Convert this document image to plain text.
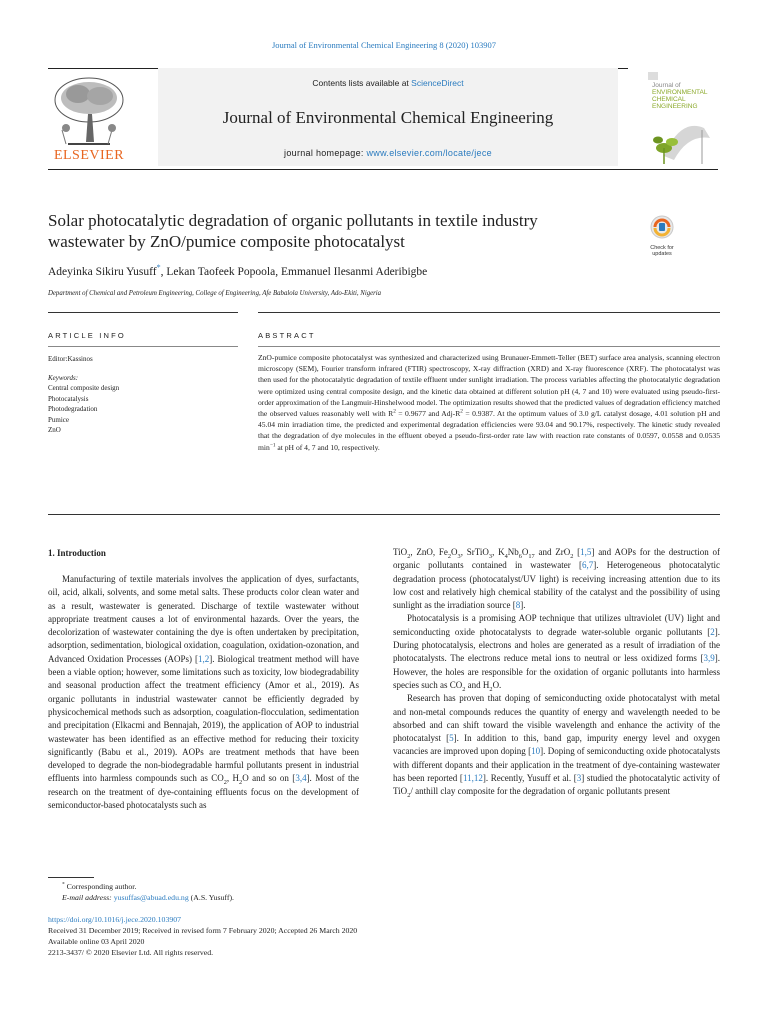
Journal of Environmental Chemical Engineering 8 (2020) 103907
ELSEVIER
Contents lists available at ScienceDirect
Journal of Environmental Chemical Engineering
journal homepage: www.elsevier.com/locate/jece
Journal of
ENVIRONMENTAL
CHEMICAL
ENGINEERING
Solar photocatalytic degradation of organic pollutants in textile industry
wastewater by ZnO/pumice composite photocatalyst	Check for
updates
Adeyinka Sikiru Yusuff*, Lekan Taofeek Popoola, Emmanuel Ilesanmi Aderibigbe
Department of Chemical and Petroleum Engineering, College of Engineering, Afe Babalola University, Ado-Ekiti, Nigeria
ARTICLE INFO	ABSTRACT
Editor:Kassinos
Keywords:
Central composite design
Photocatalysis
Photodegradation
Pumice
ZnO
ZnO-pumice composite photocatalyst was synthesized and characterized using Brunauer-Emmett-Teller (BET) surface area analysis, scanning electron microscopy (SEM), Fourier transform infrared (FTIR) spectroscopy, X-ray diffraction (XRD) and X-ray fluorescence (XRF). The photocatalyst was then used for the photocatalytic degradation of textile effluent under sunlight irradiation. The process variables affecting the photocatalytic degradation were optimized using central composite design, and the kinetic data obtained at different solution pH (4, 7 and 10) were evaluated using pseudo-first-order approximation of the Langmuir-Hinshelwood model. The optimization results showed that the predicted values of degradation efficiency matched the observed values reasonably well with $R^2 = 0.9677$ and Adj-$R^2 = 0.9387$. At the optimum values of 3.0 g/L catalyst dosage, 4.01 solution pH and 45.04 min irradiation time, the predicted and experimental degradation efficiencies were 93.04 and 90.17%, respectively. The kinetic study revealed that the degradation of dye molecules in the effluent obeyed a pseudo-first-order rate law with reaction rate constants of 0.0597, 0.0558 and 0.0535 $\min^{-1}$ at pH of 4, 7 and 10, respectively.
1. Introduction

Manufacturing of textile materials involves the application of dyes, surfactants, oil, acid, alkali, solvents, and some metal salts. These products color clean water and as a result, wastewater is generated. Discharge of textile wastewater without appropriate treatment causes a lot of environmental hazards. Over the years, the decolorization of wastewater containing the dye is often undertaken by precipitation, adsorption, sedimentation, biological oxidation, coagulation, oxidation-ozonation, and Advanced Oxidation Processes (AOPs) [1,2]. Biological treatment method will have been a viable option; however, some limitations such as toxicity, low biodegradability and seasonal production affect the treatment efficiency (Amor et al., 2019). As organic pollutants in industrial wastewater cannot be efficiently degraded by physicochemical methods such as adsorption, coagulation-flocculation, sedimentation and precipitation (Elkacmi and Bennajah, 2019), the application of AOP to industrial wastewater has been identified as an effective method for reducing their toxicity significantly (Babu et al., 2019). AOPs are treatment methods that have been developed to degrade the non-biodegradable harmful pollutants present in industrial effluents into harmless compounds such as $CO_2$, $H_2O$ and so on [3,4]. Most of the research on the treatment of dye-containing effluents focus on the development of semiconductor-based photocatalysts such as

TiO$_2$, ZnO, $Fe_2O_3$, SrTiO$_3$, $K_4Nb_6O_{17}$ and ZrO$_2$ [1,5] and AOPs for the destruction of organic pollutants contained in wastewater [6,7]. Heterogeneous photocatalytic degradation process (photocatalyst/UV light) is receiving increasing attention due to its low cost and relatively high chemical stability of the catalyst and the possibility of using sunlight as the irradiation source [8].

Photocatalysis is a promising AOP technique that utilizes ultraviolet (UV) light and semiconducting oxide photocatalysts to degrade water-soluble organic pollutants [2]. During photocatalysis, electrons and holes are generated as a result of irradiation of the photocatalysts. The electrons reduce metal ions to neutral or less oxidized forms [3,9]. However, the holes are responsible for the oxidation of organic pollutants into harmless species such as $CO_2$ and $H_2O$.

Research has proven that doping of semiconducting oxide photocatalyst with metal and non-metal compounds reduces the quantity of energy and wavelength needed to be absorbed and can shift toward the visible wavelength and enhance the activity of the photocatalyst [5]. In addition to this, band gap, impurity energy level and oxygen vacancies are improved upon doping [10]. Doping of semiconducting oxide photocatalysts with different dopants and their application in the treatment of dye-containing wastewater has been reported [11,12]. Recently, Yusuff et al. [3] studied the photocatalytic activity of TiO$_2$/ anthill clay composite for the degradation of organic pollutants present

* Corresponding author.
E-mail address: yusuffas@abuad.edu.ng (A.S. Yusuff).
https://doi.org/10.1016/j.jece.2020.103907
Received 31 December 2019; Received in revised form 7 February 2020; Accepted 26 March 2020
Available online 03 April 2020
2213-3437/ © 2020 Elsevier Ltd. All rights reserved.
